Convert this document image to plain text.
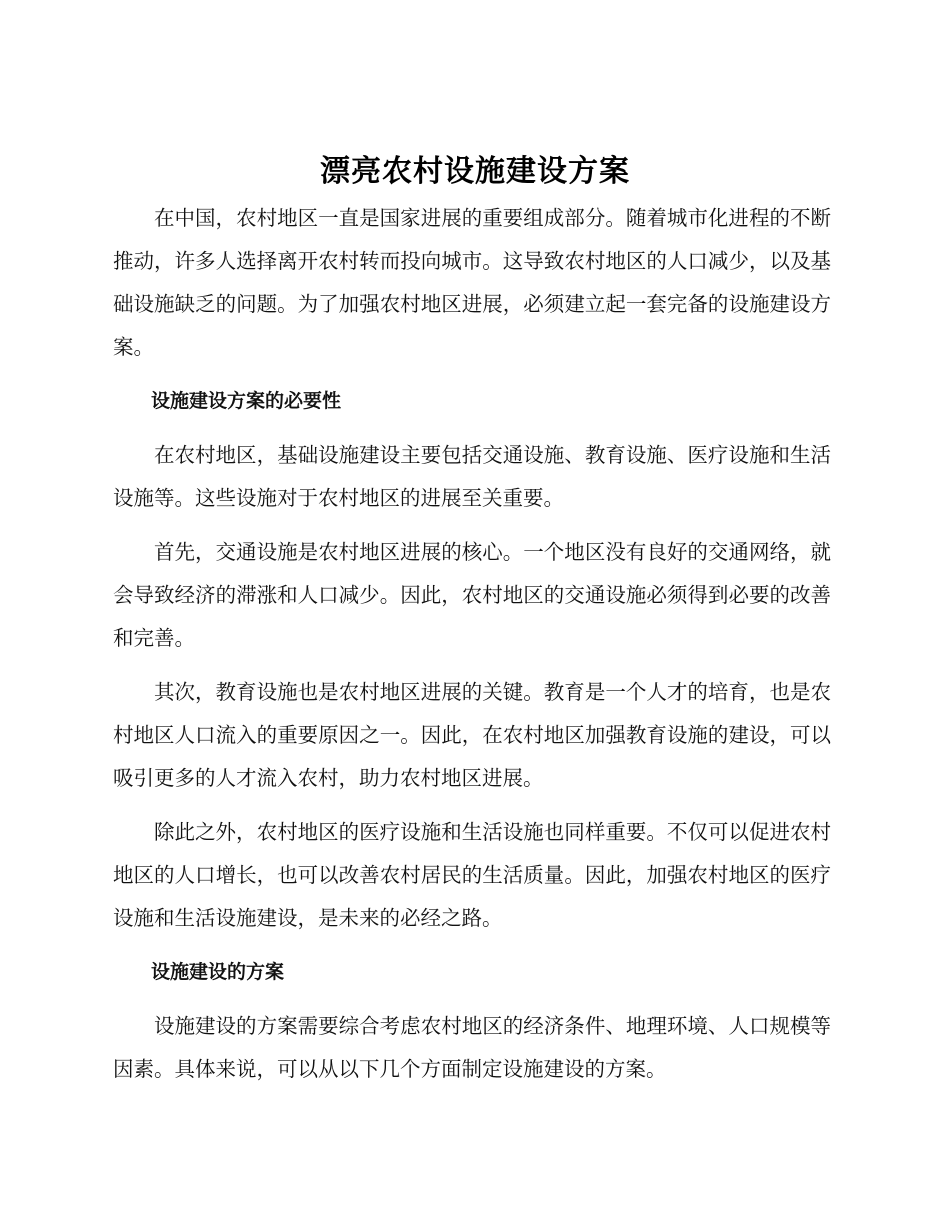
漂亮农村设施建设方案

在中国，农村地区一直是国家进展的重要组成部分。随着城市化进程的不断推动，许多人选择离开农村转而投向城市。这导致农村地区的人口减少，以及基础设施缺乏的问题。为了加强农村地区进展，必须建立起一套完备的设施建设方案。

设施建设方案的必要性

在农村地区，基础设施建设主要包括交通设施、教育设施、医疗设施和生活设施等。这些设施对于农村地区的进展至关重要。

首先，交通设施是农村地区进展的核心。一个地区没有良好的交通网络，就会导致经济的滞涨和人口减少。因此，农村地区的交通设施必须得到必要的改善和完善。

其次，教育设施也是农村地区进展的关键。教育是一个人才的培育，也是农村地区人口流入的重要原因之一。因此，在农村地区加强教育设施的建设，可以吸引更多的人才流入农村，助力农村地区进展。

除此之外，农村地区的医疗设施和生活设施也同样重要。不仅可以促进农村地区的人口增长，也可以改善农村居民的生活质量。因此，加强农村地区的医疗设施和生活设施建设，是未来的必经之路。

设施建设的方案

设施建设的方案需要综合考虑农村地区的经济条件、地理环境、人口规模等因素。具体来说，可以从以下几个方面制定设施建设的方案。
